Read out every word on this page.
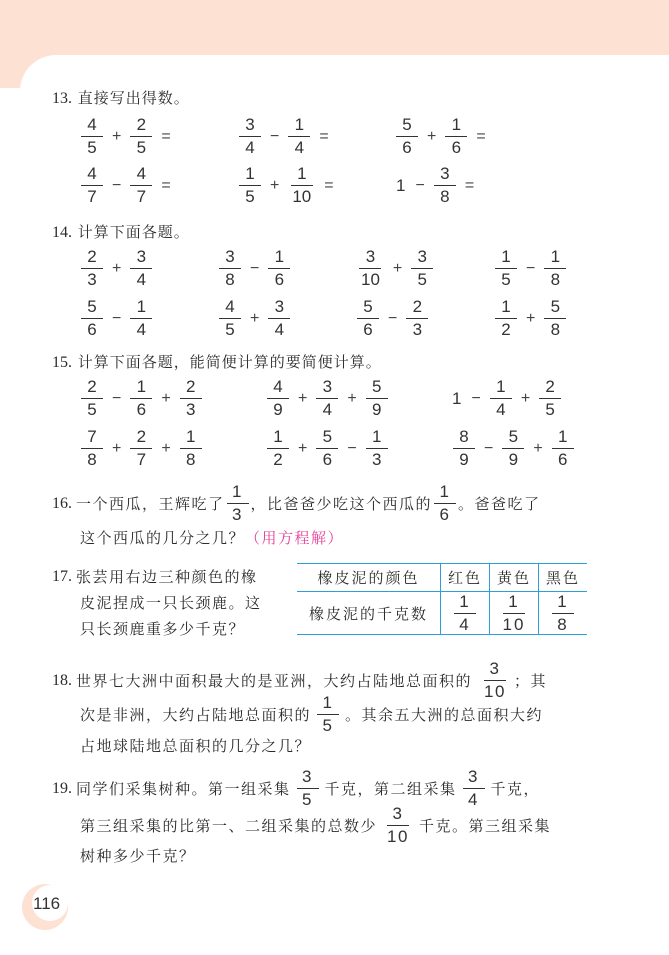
13. 直接写出得数。
$\frac{4}{5} + \frac{2}{5}$ =	$\frac{3}{4} - \frac{1}{4}$ =	$\frac{5}{6} + \frac{1}{6}$ =
$\frac{4}{7} - \frac{4}{7}$ =	$\frac{1}{5} + \frac{1}{10}$ =	$1 - \frac{3}{8}$ =
14. 计算下面各题。
$\frac{2}{3} + \frac{3}{4}$	$\frac{3}{8} - \frac{1}{6}$	$\frac{3}{10} + \frac{3}{5}$	$\frac{1}{5} - \frac{1}{8}$
$\frac{5}{6} - \frac{1}{4}$	$\frac{4}{5} + \frac{3}{4}$	$\frac{5}{6} - \frac{2}{3}$	$\frac{1}{2} + \frac{5}{8}$
15. 计算下面各题，能简便计算的要简便计算。
$\frac{2}{5} - \frac{1}{6} + \frac{2}{3}$	$\frac{4}{9} + \frac{3}{4} + \frac{5}{9}$	$1 - \frac{1}{4} + \frac{2}{5}$
$\frac{7}{8} + \frac{2}{7} + \frac{1}{8}$	$\frac{1}{2} + \frac{5}{6} - \frac{1}{3}$	$\frac{8}{9} - \frac{5}{9} + \frac{1}{6}$
16. 一个西瓜，王辉吃了 $\frac{1}{3}$ ，比爸爸少吃这个西瓜的 $\frac{1}{6}$ 。爸爸吃了
这个西瓜的几分之几？ （用方程解）
17. 张芸用右边三种颜色的橡
皮泥捏成一只长颈鹿。这
只长颈鹿重多少千克？
橡皮泥的颜色	红色	黄色	黑色
橡皮泥的千克数	$\frac{1}{4}$	$\frac{1}{10}$	$\frac{1}{8}$
18. 世界七大洲中面积最大的是亚洲，大约占陆地总面积的 $\frac{3}{10}$ ；其
次是非洲，大约占陆地总面积的 $\frac{1}{5}$ 。其余五大洲的总面积大约
占地球陆地总面积的几分之几？
19. 同学们采集树种。第一组采集 $\frac{3}{5}$ 千克，第二组采集 $\frac{3}{4}$ 千克，
第三组采集的比第一、二组采集的总数少 $\frac{3}{10}$ 千克。第三组采集
树种多少千克？
116
